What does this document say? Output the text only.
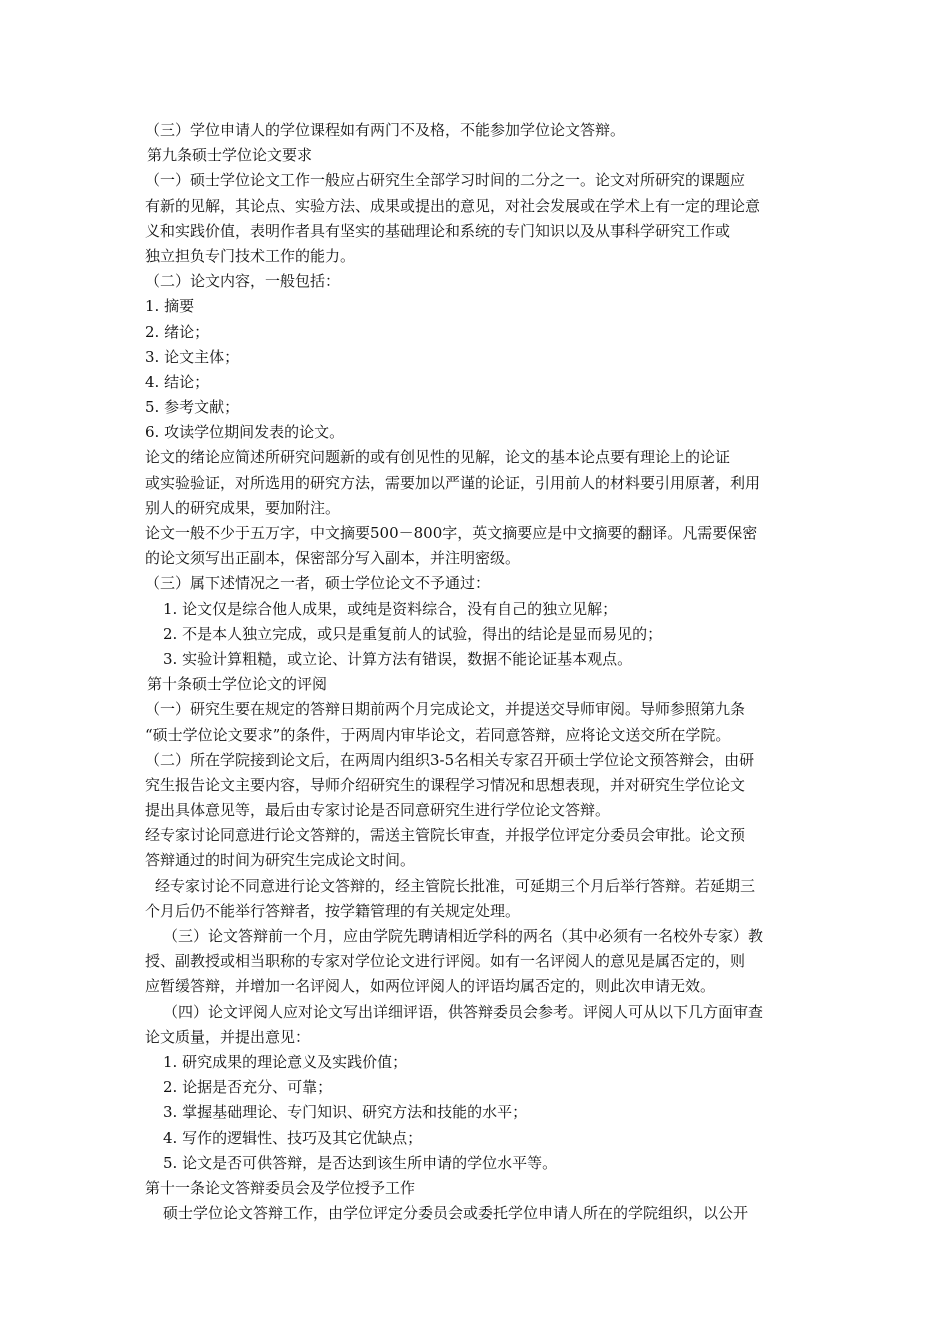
（三）学位申请人的学位课程如有两门不及格，不能参加学位论文答辩。
第九条硕士学位论文要求
（一）硕士学位论文工作一般应占研究生全部学习时间的二分之一。论文对所研究的课题应
有新的见解，其论点、实验方法、成果或提出的意见，对社会发展或在学术上有一定的理论意
义和实践价值，表明作者具有坚实的基础理论和系统的专门知识以及从事科学研究工作或
独立担负专门技术工作的能力。
（二）论文内容，一般包括：
1. 摘要
2. 绪论；
3. 论文主体；
4. 结论；
5. 参考文献；
6. 攻读学位期间发表的论文。
论文的绪论应简述所研究问题新的或有创见性的见解，论文的基本论点要有理论上的论证
或实验验证，对所选用的研究方法，需要加以严谨的论证，引用前人的材料要引用原著，利用
别人的研究成果，要加附注。
论文一般不少于五万字，中文摘要500－800字，英文摘要应是中文摘要的翻译。凡需要保密
的论文须写出正副本，保密部分写入副本，并注明密级。
（三）属下述情况之一者，硕士学位论文不予通过：
1. 论文仅是综合他人成果，或纯是资料综合，没有自己的独立见解；
2. 不是本人独立完成，或只是重复前人的试验，得出的结论是显而易见的；
3. 实验计算粗糙，或立论、计算方法有错误，数据不能论证基本观点。
第十条硕士学位论文的评阅
（一）研究生要在规定的答辩日期前两个月完成论文，并提送交导师审阅。导师参照第九条
“硕士学位论文要求”的条件，于两周内审毕论文，若同意答辩，应将论文送交所在学院。
（二）所在学院接到论文后，在两周内组织3-5名相关专家召开硕士学位论文预答辩会，由研
究生报告论文主要内容，导师介绍研究生的课程学习情况和思想表现，并对研究生学位论文
提出具体意见等，最后由专家讨论是否同意研究生进行学位论文答辩。
经专家讨论同意进行论文答辩的，需送主管院长审查，并报学位评定分委员会审批。论文预
答辩通过的时间为研究生完成论文时间。
经专家讨论不同意进行论文答辩的，经主管院长批准，可延期三个月后举行答辩。若延期三
个月后仍不能举行答辩者，按学籍管理的有关规定处理。
（三）论文答辩前一个月，应由学院先聘请相近学科的两名（其中必须有一名校外专家）教
授、副教授或相当职称的专家对学位论文进行评阅。如有一名评阅人的意见是属否定的，则
应暂缓答辩，并增加一名评阅人，如两位评阅人的评语均属否定的，则此次申请无效。
（四）论文评阅人应对论文写出详细评语，供答辩委员会参考。评阅人可从以下几方面审查
论文质量，并提出意见：
1. 研究成果的理论意义及实践价值；
2. 论据是否充分、可靠；
3. 掌握基础理论、专门知识、研究方法和技能的水平；
4. 写作的逻辑性、技巧及其它优缺点；
5. 论文是否可供答辩，是否达到该生所申请的学位水平等。
第十一条论文答辩委员会及学位授予工作
硕士学位论文答辩工作，由学位评定分委员会或委托学位申请人所在的学院组织，以公开
